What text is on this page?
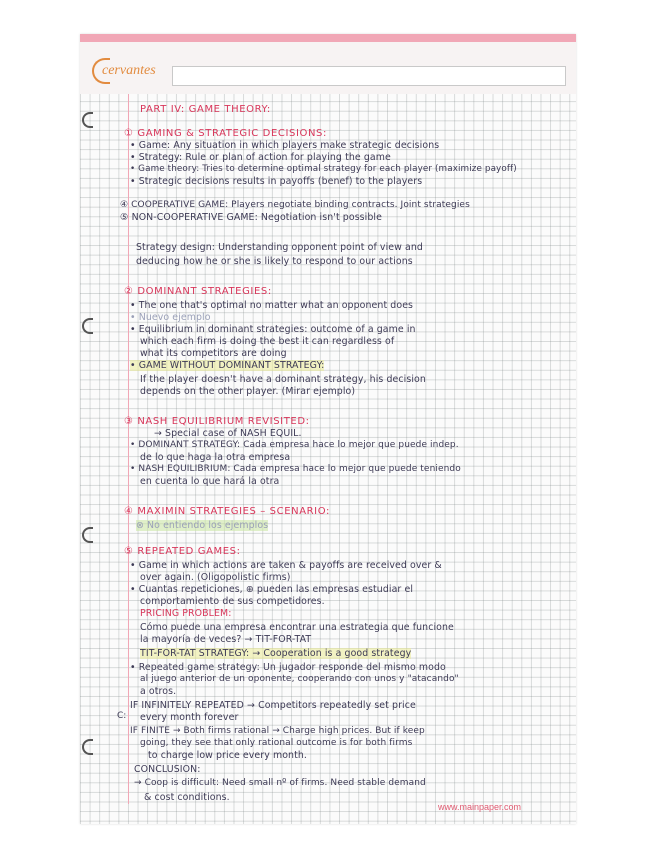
cervantes
C:
PART IV: GAME THEORY:
① GAMING & STRATEGIC DECISIONS:
• Game: Any situation in which players make strategic decisions
• Strategy: Rule or plan of action for playing the game
• Game theory: Tries to determine optimal strategy for each player (maximize payoff)
• Strategic decisions results in payoffs (benef) to the players
④ COOPERATIVE GAME: Players negotiate binding contracts. Joint strategies
⑤ NON-COOPERATIVE GAME: Negotiation isn't possible
Strategy design: Understanding opponent point of view and
deducing how he or she is likely to respond to our actions
② DOMINANT STRATEGIES:
• The one that's optimal no matter what an opponent does
• Nuevo ejemplo
• Equilibrium in dominant strategies: outcome of a game in
which each firm is doing the best it can regardless of
what its competitors are doing
• GAME WITHOUT DOMINANT STRATEGY:
If the player doesn't have a dominant strategy, his decision
depends on the other player. (Mirar ejemplo)
③ NASH EQUILIBRIUM REVISITED:
→ Special case of NASH EQUIL.
• DOMINANT STRATEGY: Cada empresa hace lo mejor que puede indep.
de lo que haga la otra empresa
• NASH EQUILIBRIUM: Cada empresa hace lo mejor que puede teniendo
en cuenta lo que hará la otra
④ MAXIMIN STRATEGIES – SCENARIO:
⊗ No entiendo los ejemplos
⑤ REPEATED GAMES:
• Game in which actions are taken & payoffs are received over &
over again. (Oligopolistic firms)
• Cuantas repeticiones, ⊕ pueden las empresas estudiar el
comportamiento de sus competidores.
PRICING PROBLEM:
Cómo puede una empresa encontrar una estrategia que funcione
la mayoría de veces? → TIT-FOR-TAT
TIT-FOR-TAT STRATEGY: → Cooperation is a good strategy
• Repeated game strategy: Un jugador responde del mismo modo
al juego anterior de un oponente, cooperando con unos y "atacando"
a otros.
IF INFINITELY REPEATED → Competitors repeatedly set price
every month forever
IF FINITE → Both firms rational → Charge high prices. But if keep
going, they see that only rational outcome is for both firms
to charge low price every month.
CONCLUSION:
→ Coop is difficult: Need small nº of firms. Need stable demand
& cost conditions.
www.mainpaper.com
